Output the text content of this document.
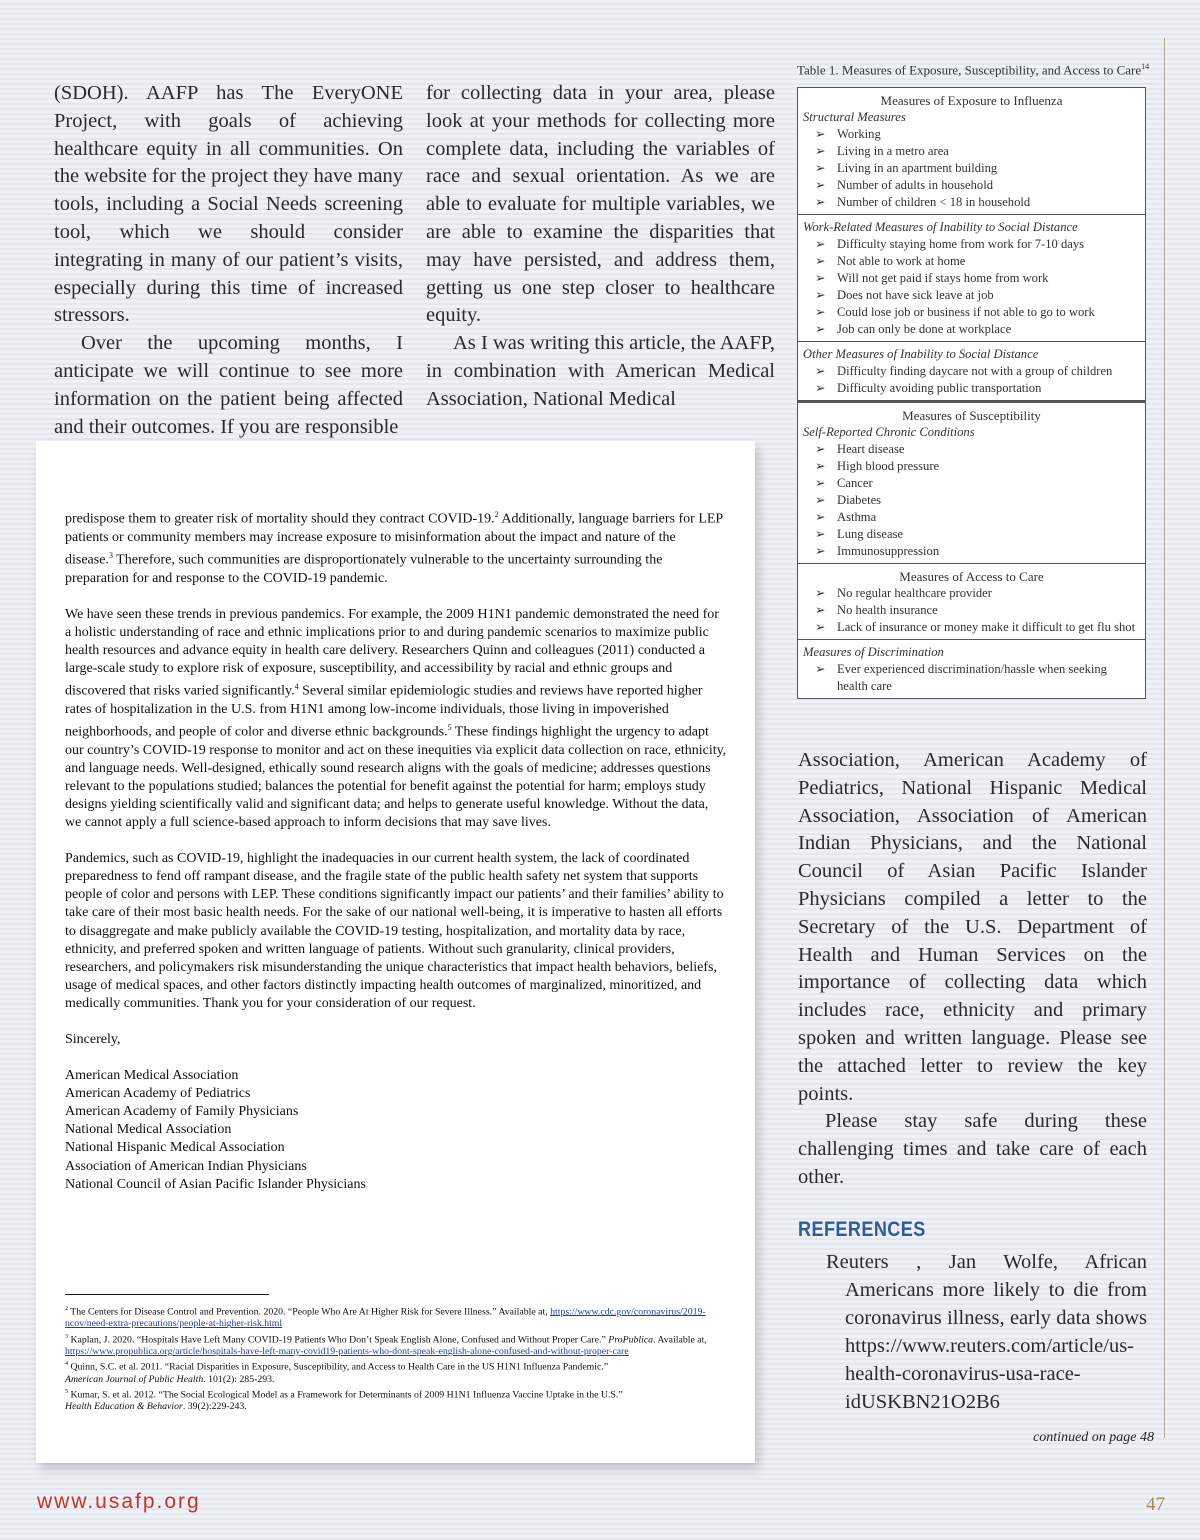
(SDOH). AAFP has The EveryONE Project, with goals of achieving healthcare equity in all communities. On the website for the project they have many tools, including a Social Needs screening tool, which we should consider integrating in many of our patient’s visits, especially during this time of increased stressors.

Over the upcoming months, I anticipate we will continue to see more information on the patient being affected and their outcomes. If you are responsible

for collecting data in your area, please look at your methods for collecting more complete data, including the variables of race and sexual orientation. As we are able to evaluate for multiple variables, we are able to examine the disparities that may have persisted, and address them, getting us one step closer to healthcare equity.

As I was writing this article, the AAFP, in combination with American Medical Association, National Medical

Table 1. Measures of Exposure, Susceptibility, and Access to Care$^{14}$
Measures of Exposure to Influenza
Structural Measures
➢ Working
➢ Living in a metro area
➢ Living in an apartment building
➢ Number of adults in household
➢ Number of children < 18 in household
Work-Related Measures of Inability to Social Distance
➢ Difficulty staying home from work for 7-10 days
➢ Not able to work at home
➢ Will not get paid if stays home from work
➢ Does not have sick leave at job
➢ Could lose job or business if not able to go to work
➢ Job can only be done at workplace
Other Measures of Inability to Social Distance
➢ Difficulty finding daycare not with a group of children
➢ Difficulty avoiding public transportation
Measures of Susceptibility
Self-Reported Chronic Conditions
➢ Heart disease
➢ High blood pressure
➢ Cancer
➢ Diabetes
➢ Asthma
➢ Lung disease
➢ Immunosuppression
Measures of Access to Care
➢ No regular healthcare provider
➢ No health insurance
➢ Lack of insurance or money make it difficult to get flu shot
Measures of Discrimination
➢ Ever experienced discrimination/hassle when seeking health care

predispose them to greater risk of mortality should they contract COVID-19.$^2$ Additionally, language barriers for LEP patients or community members may increase exposure to misinformation about the impact and nature of the disease.$^3$ Therefore, such communities are disproportionately vulnerable to the uncertainty surrounding the preparation for and response to the COVID-19 pandemic.

We have seen these trends in previous pandemics. For example, the 2009 H1N1 pandemic demonstrated the need for a holistic understanding of race and ethnic implications prior to and during pandemic scenarios to maximize public health resources and advance equity in health care delivery. Researchers Quinn and colleagues (2011) conducted a large-scale study to explore risk of exposure, susceptibility, and accessibility by racial and ethnic groups and discovered that risks varied significantly.$^4$ Several similar epidemiologic studies and reviews have reported higher rates of hospitalization in the U.S. from H1N1 among low-income individuals, those living in impoverished neighborhoods, and people of color and diverse ethnic backgrounds.$^5$ These findings highlight the urgency to adapt our country’s COVID-19 response to monitor and act on these inequities via explicit data collection on race, ethnicity, and language needs. Well-designed, ethically sound research aligns with the goals of medicine; addresses questions relevant to the populations studied; balances the potential for benefit against the potential for harm; employs study designs yielding scientifically valid and significant data; and helps to generate useful knowledge. Without the data, we cannot apply a full science-based approach to inform decisions that may save lives.

Pandemics, such as COVID-19, highlight the inadequacies in our current health system, the lack of coordinated preparedness to fend off rampant disease, and the fragile state of the public health safety net system that supports people of color and persons with LEP. These conditions significantly impact our patients’ and their families’ ability to take care of their most basic health needs. For the sake of our national well-being, it is imperative to hasten all efforts to disaggregate and make publicly available the COVID-19 testing, hospitalization, and mortality data by race, ethnicity, and preferred spoken and written language of patients. Without such granularity, clinical providers, researchers, and policymakers risk misunderstanding the unique characteristics that impact health behaviors, beliefs, usage of medical spaces, and other factors distinctly impacting health outcomes of marginalized, minoritized, and medically communities. Thank you for your consideration of our request.

Sincerely,

American Medical Association
American Academy of Pediatrics
American Academy of Family Physicians
National Medical Association
National Hispanic Medical Association
Association of American Indian Physicians
National Council of Asian Pacific Islander Physicians

$^2$ The Centers for Disease Control and Prevention. 2020. “People Who Are At Higher Risk for Severe Illness.” Available at, https://www.cdc.gov/coronavirus/2019-ncov/need-extra-precautions/people-at-higher-risk.html

$^3$ Kaplan, J. 2020. “Hospitals Have Left Many COVID-19 Patients Who Don’t Speak English Alone, Confused and Without Proper Care.” ProPublica. Available at, https://www.propublica.org/article/hospitals-have-left-many-covid19-patients-who-dont-speak-english-alone-confused-and-without-proper-care

$^4$ Quinn, S.C. et al. 2011. “Racial Disparities in Exposure, Susceptibility, and Access to Health Care in the US H1N1 Influenza Pandemic.”
American Journal of Public Health. 101(2): 285-293.

$^5$ Kumar, S. et al. 2012. “The Social Ecological Model as a Framework for Determinants of 2009 H1N1 Influenza Vaccine Uptake in the U.S.”
Health Education & Behavior. 39(2):229-243.

Association, American Academy of Pediatrics, National Hispanic Medical Association, Association of American Indian Physicians, and the National Council of Asian Pacific Islander Physicians compiled a letter to the Secretary of the U.S. Department of Health and Human Services on the importance of collecting data which includes race, ethnicity and primary spoken and written language. Please see the attached letter to review the key points.

Please stay safe during these challenging times and take care of each other.

REFERENCES
Reuters , Jan Wolfe, African Americans more likely to die from coronavirus illness, early data shows https://www.reuters.com/article/us-health-coronavirus-usa-race-idUSKBN21O2B6
continued on page 48
www.usafp.org	47
